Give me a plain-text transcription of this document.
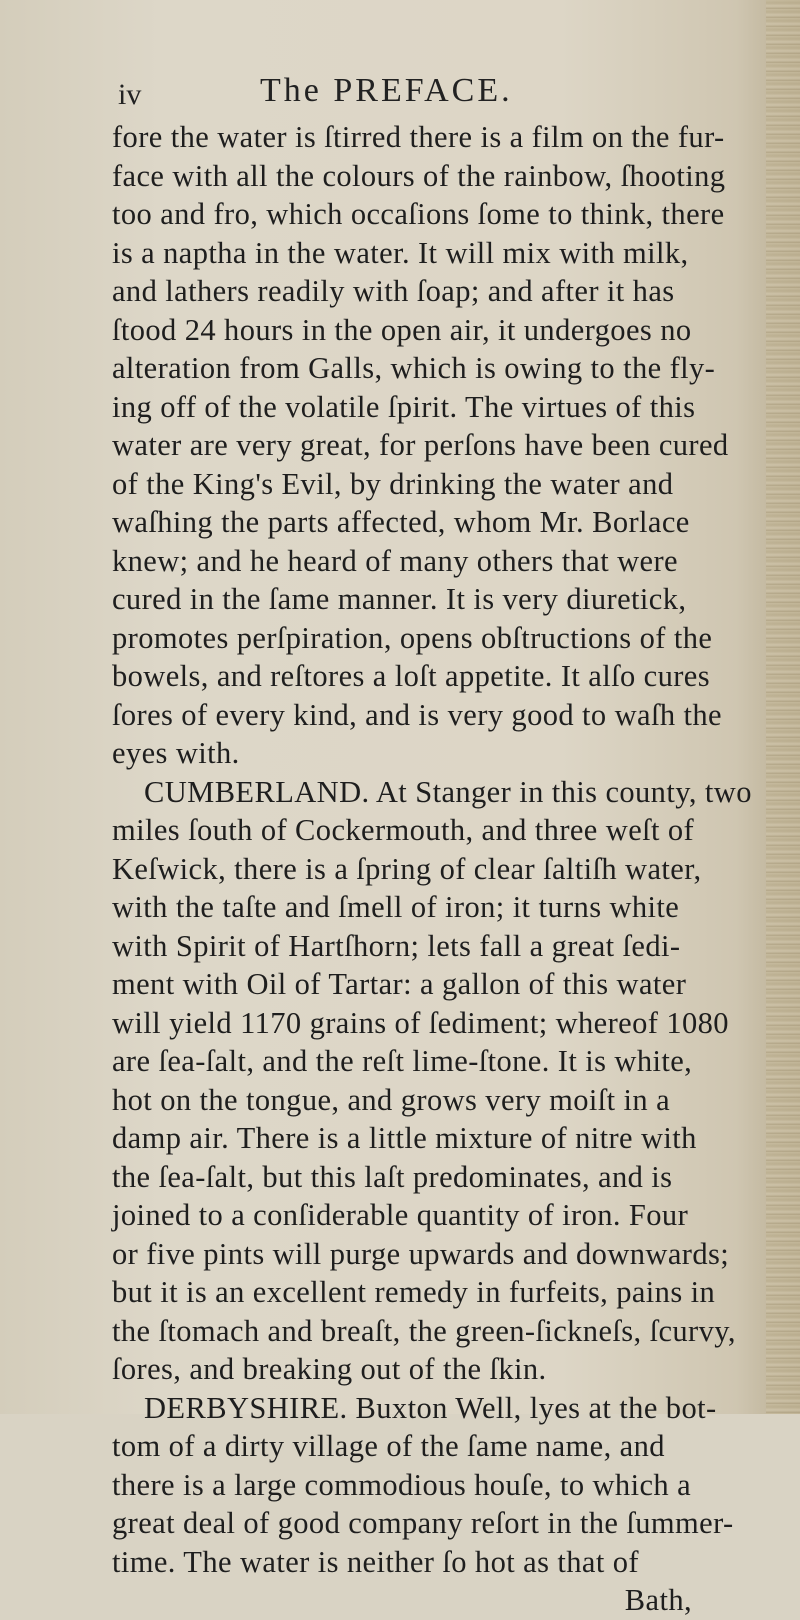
iv	The PREFACE.
fore the water is ſtirred there is a film on the fur-
face with all the colours of the rainbow, ſhooting
too and fro, which occaſions ſome to think, there
is a naptha in the water. It will mix with milk,
and lathers readily with ſoap; and after it has
ſtood 24 hours in the open air, it undergoes no
alteration from Galls, which is owing to the fly-
ing off of the volatile ſpirit. The virtues of this
water are very great, for perſons have been cured
of the King's Evil, by drinking the water and
waſhing the parts affected, whom Mr. Borlace
knew; and he heard of many others that were
cured in the ſame manner. It is very diuretick,
promotes perſpiration, opens obſtructions of the
bowels, and reſtores a loſt appetite. It alſo cures
ſores of every kind, and is very good to waſh the
eyes with.
CUMBERLAND. At Stanger in this county, two
miles ſouth of Cockermouth, and three weſt of
Keſwick, there is a ſpring of clear ſaltiſh water,
with the taſte and ſmell of iron; it turns white
with Spirit of Hartſhorn; lets fall a great ſedi-
ment with Oil of Tartar: a gallon of this water
will yield 1170 grains of ſediment; whereof 1080
are ſea-ſalt, and the reſt lime-ſtone. It is white,
hot on the tongue, and grows very moiſt in a
damp air. There is a little mixture of nitre with
the ſea-ſalt, but this laſt predominates, and is
joined to a conſiderable quantity of iron. Four
or five pints will purge upwards and downwards;
but it is an excellent remedy in furfeits, pains in
the ſtomach and breaſt, the green-ſickneſs, ſcurvy,
ſores, and breaking out of the ſkin.
DERBYSHIRE. Buxton Well, lyes at the bot-
tom of a dirty village of the ſame name, and
there is a large commodious houſe, to which a
great deal of good company reſort in the ſummer-
time. The water is neither ſo hot as that of
Bath,
